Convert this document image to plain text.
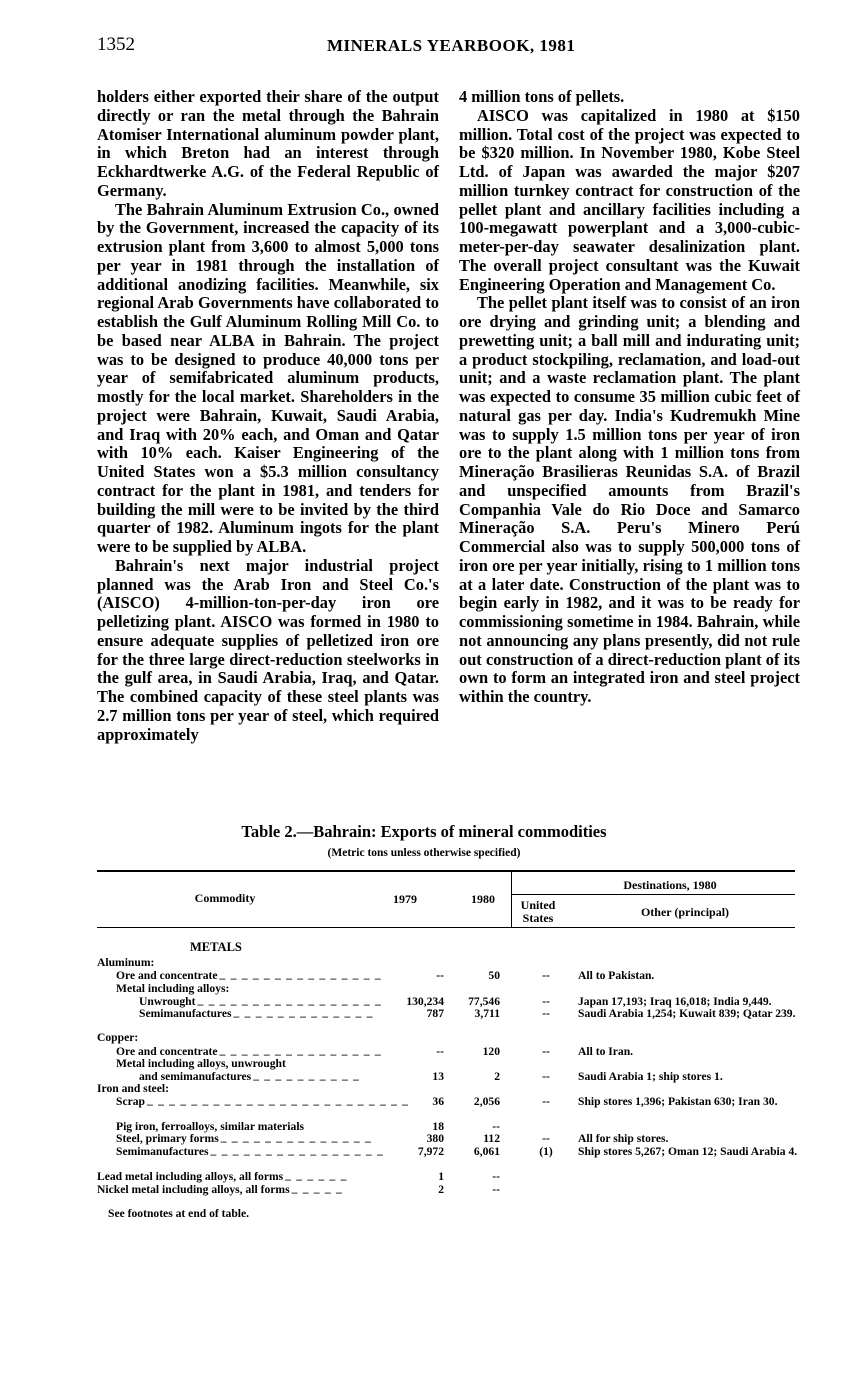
1352	MINERALS YEARBOOK, 1981

holders either exported their share of the output directly or ran the metal through the Bahrain Atomiser International aluminum powder plant, in which Breton had an interest through Eckhardtwerke A.G. of the Federal Republic of Germany.

The Bahrain Aluminum Extrusion Co., owned by the Government, increased the capacity of its extrusion plant from 3,600 to almost 5,000 tons per year in 1981 through the installation of additional anodizing facilities. Meanwhile, six regional Arab Governments have collaborated to establish the Gulf Aluminum Rolling Mill Co. to be based near ALBA in Bahrain. The project was to be designed to produce 40,000 tons per year of semifabricated aluminum products, mostly for the local market. Shareholders in the project were Bahrain, Kuwait, Saudi Arabia, and Iraq with 20% each, and Oman and Qatar with 10% each. Kaiser Engineering of the United States won a $5.3 million consultancy contract for the plant in 1981, and tenders for building the mill were to be invited by the third quarter of 1982. Aluminum ingots for the plant were to be supplied by ALBA.

Bahrain's next major industrial project planned was the Arab Iron and Steel Co.'s (AISCO) 4-million-ton-per-day iron ore pelletizing plant. AISCO was formed in 1980 to ensure adequate supplies of pelletized iron ore for the three large direct-reduction steelworks in the gulf area, in Saudi Arabia, Iraq, and Qatar. The combined capacity of these steel plants was 2.7 million tons per year of steel, which required approximately

4 million tons of pellets.

AISCO was capitalized in 1980 at $150 million. Total cost of the project was expected to be $320 million. In November 1980, Kobe Steel Ltd. of Japan was awarded the major $207 million turnkey contract for construction of the pellet plant and ancillary facilities including a 100-megawatt powerplant and a 3,000-cubic-meter-per-day seawater desalinization plant. The overall project consultant was the Kuwait Engineering Operation and Management Co.

The pellet plant itself was to consist of an iron ore drying and grinding unit; a blending and prewetting unit; a ball mill and indurating unit; a product stockpiling, reclamation, and load-out unit; and a waste reclamation plant. The plant was expected to consume 35 million cubic feet of natural gas per day. India's Kudremukh Mine was to supply 1.5 million tons per year of iron ore to the plant along with 1 million tons from Mineração Brasilieras Reunidas S.A. of Brazil and unspecified amounts from Brazil's Companhia Vale do Rio Doce and Samarco Mineração S.A. Peru's Minero Perú Commercial also was to supply 500,000 tons of iron ore per year initially, rising to 1 million tons at a later date. Construction of the plant was to begin early in 1982, and it was to be ready for commissioning sometime in 1984. Bahrain, while not announcing any plans presently, did not rule out construction of a direct-reduction plant of its own to form an integrated iron and steel project within the country.

Table 2.—Bahrain: Exports of mineral commodities
(Metric tons unless otherwise specified)
Commodity	1979	1980
Destinations, 1980
United States	Other (principal)
METALS
Aluminum:
Ore and concentrate _ _ _ _ _ _ _ _ _ _ _ _ _ _ _	--	50	--	All to Pakistan.
Metal including alloys:
Unwrought _ _ _ _ _ _ _ _ _ _ _ _ _ _ _ _ _	130,234	77,546	--	Japan 17,193; Iraq 16,018; India 9,449.
Semimanufactures _ _ _ _ _ _ _ _ _ _ _ _ _	787	3,711	--	Saudi Arabia 1,254; Kuwait 839; Qatar 239.
Copper:
Ore and concentrate _ _ _ _ _ _ _ _ _ _ _ _ _ _ _	--	120	--	All to Iran.
Metal including alloys, unwrought
and semimanufactures _ _ _ _ _ _ _ _ _ _	13	2	--	Saudi Arabia 1; ship stores 1.
Iron and steel:
Scrap _ _ _ _ _ _ _ _ _ _ _ _ _ _ _ _ _ _ _ _ _ _ _ _	36	2,056	--	Ship stores 1,396; Pakistan 630; Iran 30.
Pig iron, ferroalloys, similar materials	18	--
Steel, primary forms _ _ _ _ _ _ _ _ _ _ _ _ _ _	380	112	--	All for ship stores.
Semimanufactures _ _ _ _ _ _ _ _ _ _ _ _ _ _ _ _	7,972	6,061	(1) Ship stores 5,267; Oman 12; Saudi Arabia 4.
Lead metal including alloys, all forms _ _ _ _ _ _	1	--
Nickel metal including alloys, all forms _ _ _ _ _	2	--
See footnotes at end of table.
